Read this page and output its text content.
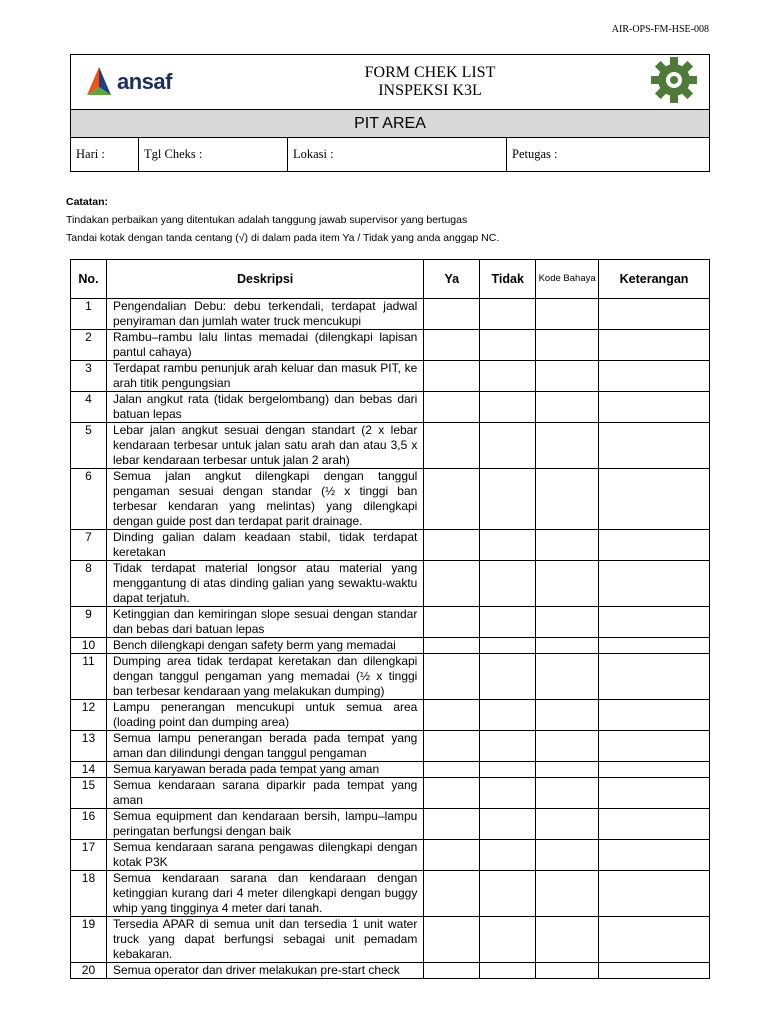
AIR-OPS-FM-HSE-008
ansaf	FORM CHEK LIST
INSPEKSI K3L

PIT AREA

Hari :	Tgl Cheks :	Lokasi :	Petugas :
Catatan:
Tindakan perbaikan yang ditentukan adalah tanggung jawab supervisor yang bertugas
Tandai kotak dengan tanda centang (√) di dalam pada item Ya / Tidak yang anda anggap NC.
No.	Deskripsi	Ya	Tidak	Kode Bahaya	Keterangan
1	Pengendalian Debu: debu terkendali, terdapat jadwal penyiraman dan jumlah water truck mencukupi				
2	Rambu–rambu lalu lintas memadai (dilengkapi lapisan pantul cahaya)				
3	Terdapat rambu penunjuk arah keluar dan masuk PIT, ke arah titik pengungsian				
4	Jalan angkut rata (tidak bergelombang) dan bebas dari batuan lepas				
5	Lebar jalan angkut sesuai dengan standart (2 x lebar kendaraan terbesar untuk jalan satu arah dan atau 3,5 x lebar kendaraan terbesar untuk jalan 2 arah)				
6	Semua jalan angkut dilengkapi dengan tanggul pengaman sesuai dengan standar (½ x tinggi ban terbesar kendaran yang melintas) yang dilengkapi dengan guide post dan terdapat parit drainage.				
7	Dinding galian dalam keadaan stabil, tidak terdapat keretakan				
8	Tidak terdapat material longsor atau material yang menggantung di atas dinding galian yang sewaktu-waktu dapat terjatuh.				
9	Ketinggian dan kemiringan slope sesuai dengan standar dan bebas dari batuan lepas				
10	Bench dilengkapi dengan safety berm yang memadai				
11	Dumping area tidak terdapat keretakan dan dilengkapi dengan tanggul pengaman yang memadai (½ x tinggi ban terbesar kendaraan yang melakukan dumping)				
12	Lampu penerangan mencukupi untuk semua area (loading point dan dumping area)				
13	Semua lampu penerangan berada pada tempat yang aman dan dilindungi dengan tanggul pengaman				
14	Semua karyawan berada pada tempat yang aman				
15	Semua kendaraan sarana diparkir pada tempat yang aman				
16	Semua equipment dan kendaraan bersih, lampu–lampu peringatan berfungsi dengan baik				
17	Semua kendaraan sarana pengawas dilengkapi dengan kotak P3K				
18	Semua kendaraan sarana dan kendaraan dengan ketinggian kurang dari 4 meter dilengkapi dengan buggy whip yang tingginya 4 meter dari tanah.				
19	Tersedia APAR di semua unit dan tersedia 1 unit water truck yang dapat berfungsi sebagai unit pemadam kebakaran.				
20	Semua operator dan driver melakukan pre-start check				
